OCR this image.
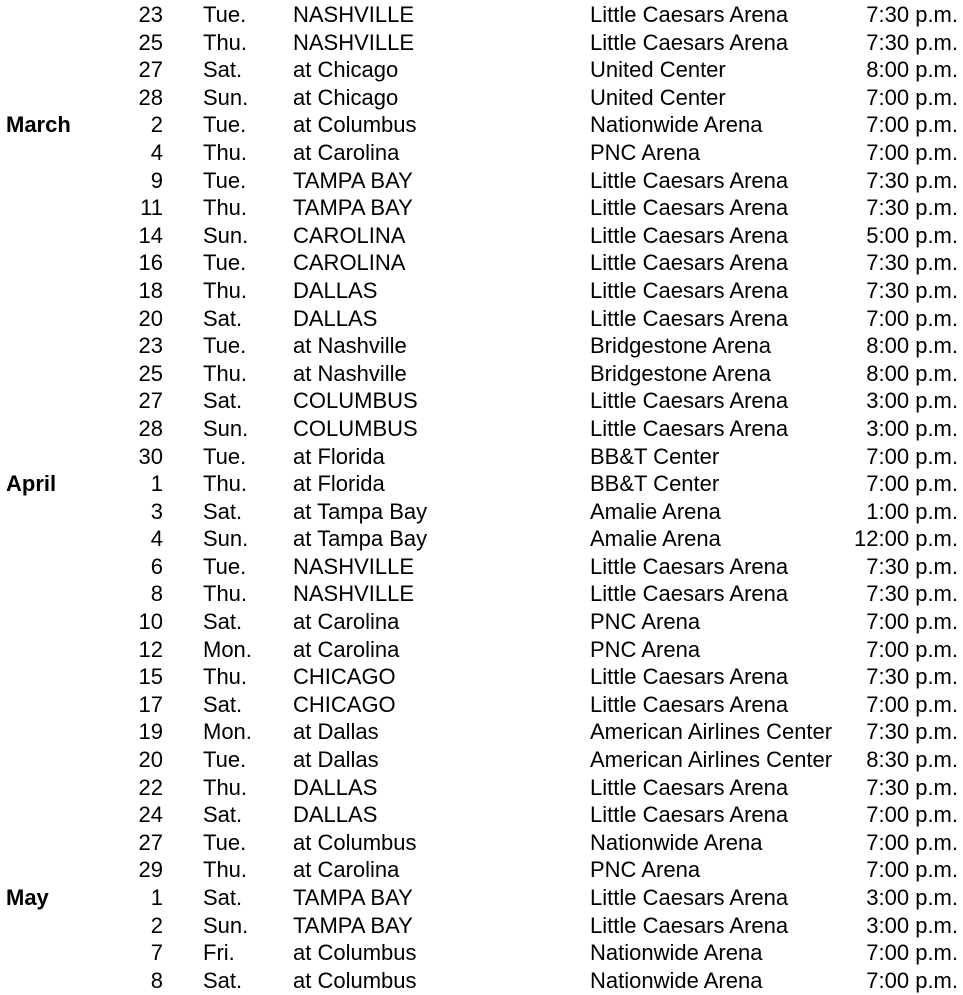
23 Tue. NASHVILLE	Little Caesars Arena	7:30 p.m.
25 Thu. NASHVILLE	Little Caesars Arena	7:30 p.m.
27 Sat. at Chicago	United Center	8:00 p.m.
28 Sun. at Chicago	United Center	7:00 p.m.
March	2 Tue. at Columbus	Nationwide Arena	7:00 p.m.
4 Thu. at Carolina	PNC Arena	7:00 p.m.
9 Tue. TAMPA BAY	Little Caesars Arena	7:30 p.m.
11 Thu. TAMPA BAY	Little Caesars Arena	7:30 p.m.
14 Sun. CAROLINA	Little Caesars Arena	5:00 p.m.
16 Tue. CAROLINA	Little Caesars Arena	7:30 p.m.
18 Thu. DALLAS	Little Caesars Arena	7:30 p.m.
20 Sat. DALLAS	Little Caesars Arena	7:00 p.m.
23 Tue. at Nashville	Bridgestone Arena	8:00 p.m.
25 Thu. at Nashville	Bridgestone Arena	8:00 p.m.
27 Sat. COLUMBUS	Little Caesars Arena	3:00 p.m.
28 Sun. COLUMBUS	Little Caesars Arena	3:00 p.m.
30 Tue. at Florida	BB&T Center	7:00 p.m.
April	1 Thu. at Florida	BB&T Center	7:00 p.m.
3 Sat. at Tampa Bay	Amalie Arena	1:00 p.m.
4 Sun. at Tampa Bay	Amalie Arena	12:00 p.m.
6 Tue. NASHVILLE	Little Caesars Arena	7:30 p.m.
8 Thu. NASHVILLE	Little Caesars Arena	7:30 p.m.
10 Sat. at Carolina	PNC Arena	7:00 p.m.
12 Mon. at Carolina	PNC Arena	7:00 p.m.
15 Thu. CHICAGO	Little Caesars Arena	7:30 p.m.
17 Sat. CHICAGO	Little Caesars Arena	7:00 p.m.
19 Mon. at Dallas	American Airlines Center 7:30 p.m.
20 Tue. at Dallas	American Airlines Center 8:30 p.m.
22 Thu. DALLAS	Little Caesars Arena	7:30 p.m.
24 Sat. DALLAS	Little Caesars Arena	7:00 p.m.
27 Tue. at Columbus	Nationwide Arena	7:00 p.m.
29 Thu. at Carolina	PNC Arena	7:00 p.m.
May	1 Sat. TAMPA BAY	Little Caesars Arena	3:00 p.m.
2 Sun. TAMPA BAY	Little Caesars Arena	3:00 p.m.
7 Fri.	at Columbus	Nationwide Arena	7:00 p.m.
8 Sat. at Columbus	Nationwide Arena	7:00 p.m.
